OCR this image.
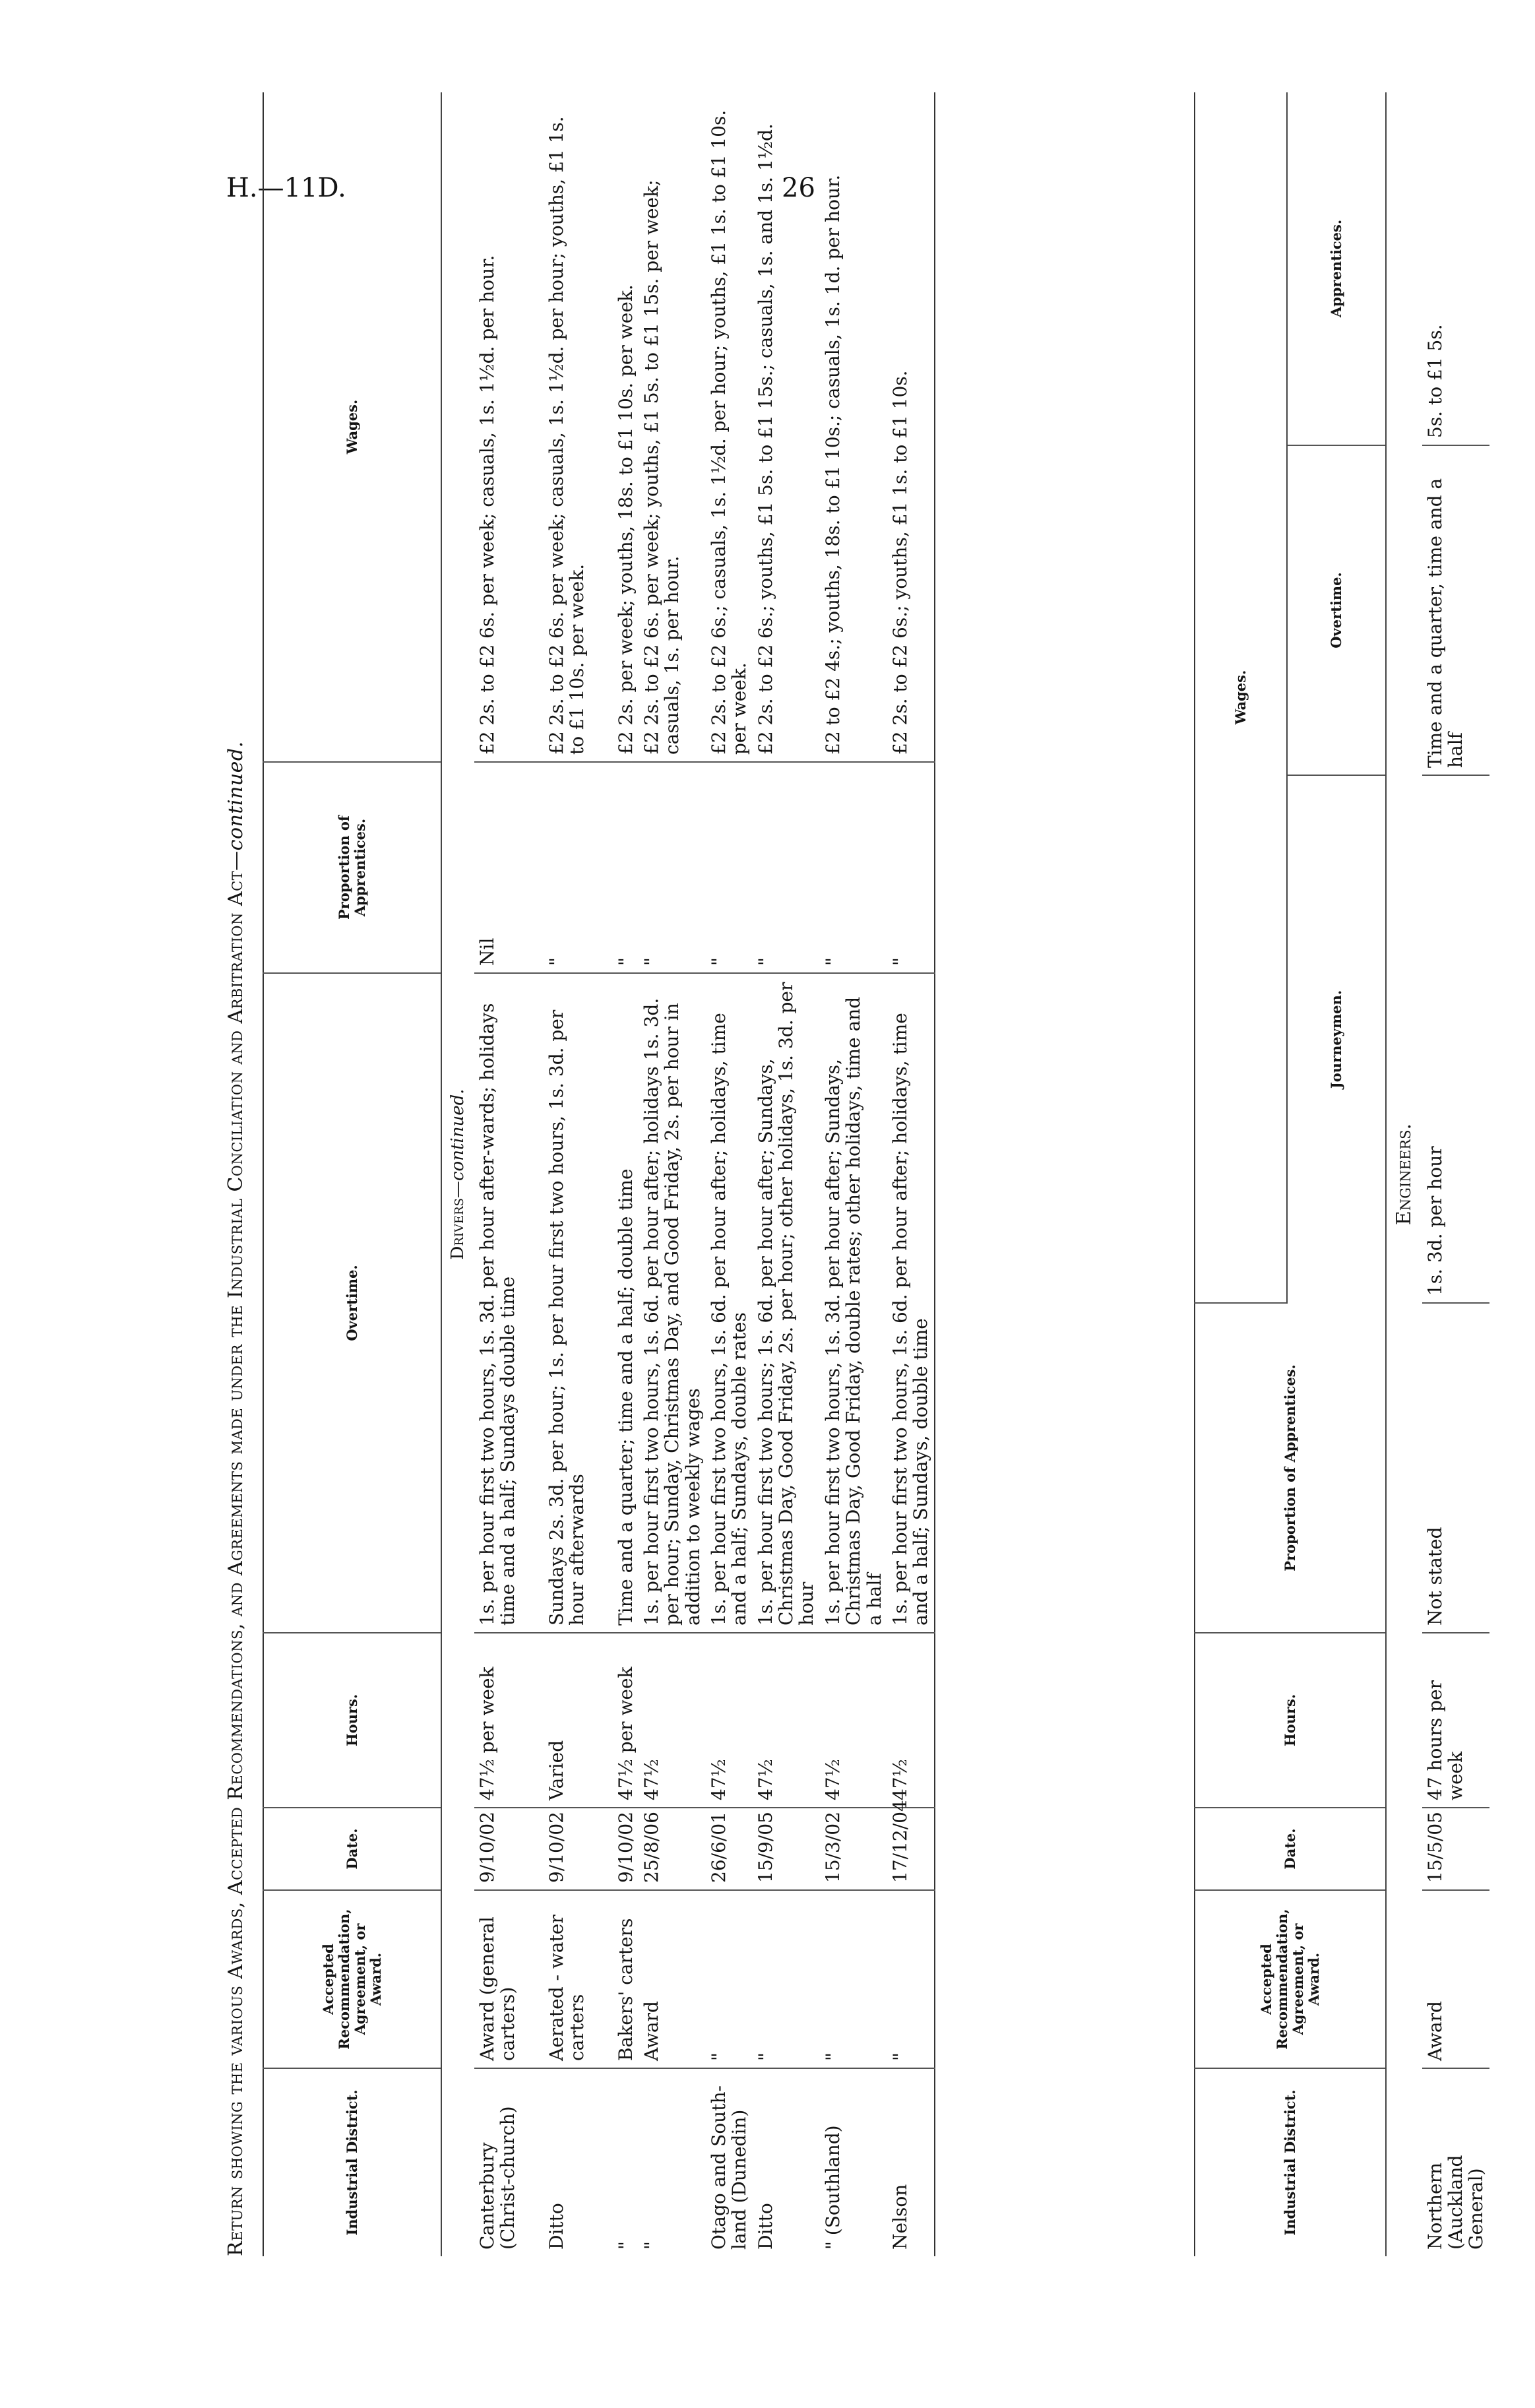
H.—11D.	26
Return showing the various Awards, Accepted Recommendations, and Agreements made under the Industrial Conciliation and Arbitration Act—continued.
Industrial District.	Accepted Recommendation, Agreement, or Award.	Date.	Hours.	Overtime.	Proportion of Apprentices.	Wages.
Drivers—continued.						
Canterbury (Christ-church)	Award (general carters)	9/10/02	47½ per week	1s. per hour first two hours, 1s. 3d. per hour after-wards; holidays time and a half; Sundays double time	Nil	£2 2s. to £2 6s. per week; casuals, 1s. 1½d. per hour.

Ditto	Aerated - water carters	9/10/02	Varied	Sundays 2s. 3d. per hour; 1s. per hour first two hours, 1s. 3d. per hour afterwards	"	£2 2s. to £2 6s. per week; casuals, 1s. 1½d. per hour; youths, £1 1s. to £1 10s. per week.

"	Bakers' carters	9/10/02	47½ per week	Time and a quarter; time and a half; double time	"	£2 2s. per week; youths, 18s. to £1 10s. per week.
"	Award	25/8/06	47½	1s. per hour first two hours, 1s. 6d. per hour after; holidays 1s. 3d. per hour; Sunday, Christmas Day, and Good Friday, 2s. per hour in addition to weekly wages	"	£2 2s. to £2 6s. per week; youths, £1 5s. to £1 15s. per week; casuals, 1s. per hour.
Otago and South-land (Dunedin)	"	26/6/01	47½	1s. per hour first two hours, 1s. 6d. per hour after; holidays, time and a half; Sundays, double rates	"	£2 2s. to £2 6s.; casuals, 1s. 1½d. per hour; youths, £1 1s. to £1 10s. per week.
Ditto	"	15/9/05	47½	1s. per hour first two hours; 1s. 6d. per hour after; Sundays, Christmas Day, Good Friday, 2s. per hour; other holidays, 1s. 3d. per hour	"	£2 2s. to £2 6s.; youths, £1 5s. to £1 15s.; casuals, 1s. and 1s. 1½d.
" (Southland)	"	15/3/02	47½	1s. per hour first two hours, 1s. 3d. per hour after; Sundays, Christmas Day, Good Friday, double rates; other holidays, time and a half	"	£2 to £2 4s.; youths, 18s. to £1 10s.; casuals, 1s. 1d. per hour.
Nelson	"	17/12/04	47½	1s. per hour first two hours, 1s. 6d. per hour after; holidays, time and a half; Sundays, double time	"	£2 2s. to £2 6s.; youths, £1 1s. to £1 10s.
Industrial District.	Accepted Recommendation, Agreement, or Award.	Date.	Hours.	Proportion of Apprentices.	Wages.		
					Journeymen.	Overtime.	Apprentices.
Engineers.							
Northern (Auckland General)	Award	15/5/05	47 hours per week	Not stated	1s. 3d. per hour	Time and a quarter, time and a half	5s. to £1 5s.
